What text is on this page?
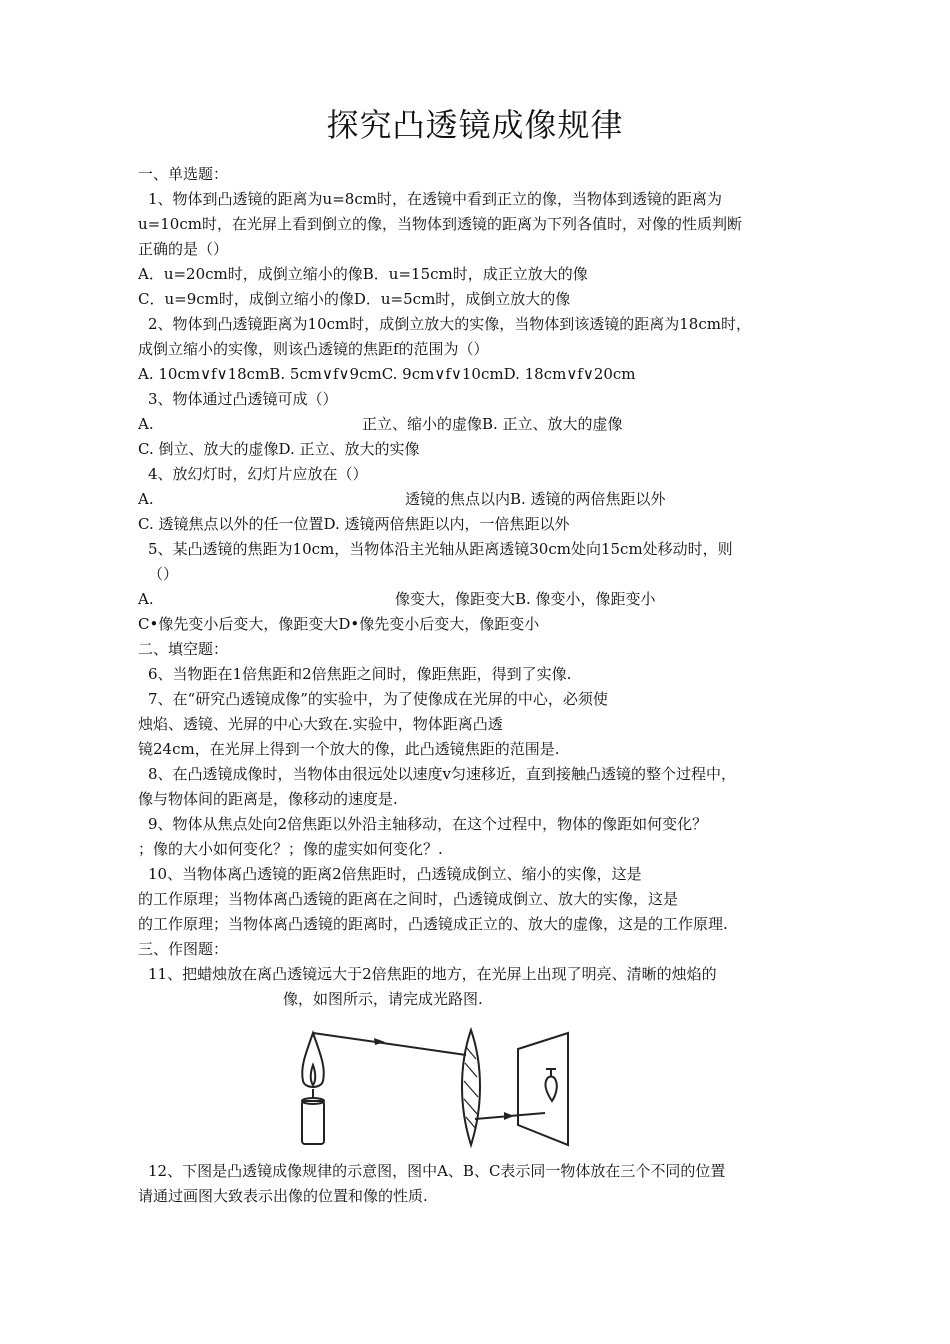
探究凸透镜成像规律
一、单选题：
1、物体到凸透镜的距离为u=8cm时，在透镜中看到正立的像，当物体到透镜的距离为
u=10cm时，在光屏上看到倒立的像，当物体到透镜的距离为下列各值时，对像的性质判断
正确的是（）
A．u=20cm时，成倒立缩小的像B．u=15cm时，成正立放大的像
C．u=9cm时，成倒立缩小的像D．u=5cm时，成倒立放大的像
2、物体到凸透镜距离为10cm时，成倒立放大的实像，当物体到该透镜的距离为18cm时，
成倒立缩小的实像，则该凸透镜的焦距f的范围为（）
A. 10cm∨f∨18cmB. 5cm∨f∨9cmC. 9cm∨f∨10cmD. 18cm∨f∨20cm
3、物体通过凸透镜可成（）
A.	正立、缩小的虚像B. 正立、放大的虚像
C. 倒立、放大的虚像D. 正立、放大的实像
4、放幻灯时，幻灯片应放在（）
A.	透镜的焦点以内B. 透镜的两倍焦距以外
C. 透镜焦点以外的任一位置D. 透镜两倍焦距以内，一倍焦距以外
5、某凸透镜的焦距为10cm，当物体沿主光轴从距离透镜30cm处向15cm处移动时，则
（）
A.	像变大，像距变大B. 像变小，像距变小
C•像先变小后变大，像距变大D•像先变小后变大，像距变小
二、填空题：
6、当物距在1倍焦距和2倍焦距之间时，像距焦距，得到了实像.
7、在“研究凸透镜成像”的实验中，为了使像成在光屏的中心，必须使
烛焰、透镜、光屏的中心大致在.实验中，物体距离凸透
镜24cm，在光屏上得到一个放大的像，此凸透镜焦距的范围是.
8、在凸透镜成像时，当物体由很远处以速度v匀速移近，直到接触凸透镜的整个过程中，
像与物体间的距离是，像移动的速度是.
9、物体从焦点处向2倍焦距以外沿主轴移动，在这个过程中，物体的像距如何变化？
；像的大小如何变化？；像的虚实如何变化？.
10、当物体离凸透镜的距离2倍焦距时，凸透镜成倒立、缩小的实像，这是
的工作原理；当物体离凸透镜的距离在之间时，凸透镜成倒立、放大的实像，这是
的工作原理；当物体离凸透镜的距离时，凸透镜成正立的、放大的虚像，这是的工作原理.
三、作图题：
11、把蜡烛放在离凸透镜远大于2倍焦距的地方，在光屏上出现了明亮、清晰的烛焰的
像，如图所示，请完成光路图.
12、下图是凸透镜成像规律的示意图，图中A、B、C表示同一物体放在三个不同的位置
请通过画图大致表示出像的位置和像的性质.
